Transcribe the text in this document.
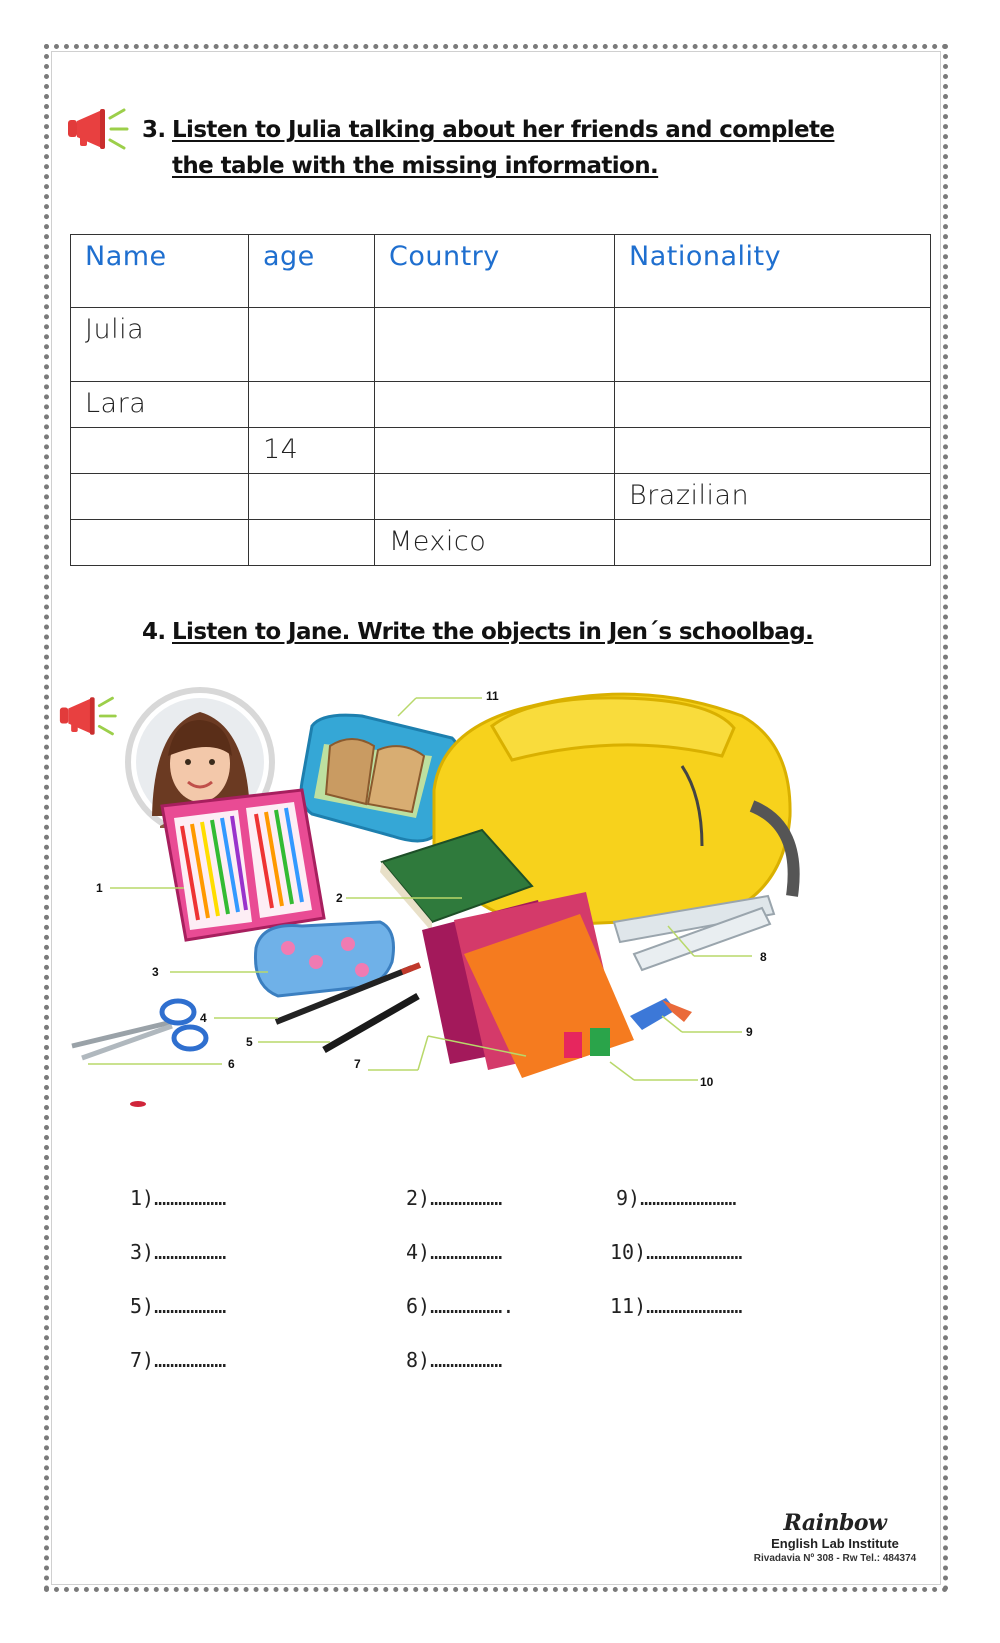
3. Listen to Julia talking about her friends and complete the table with the missing information.
Name	age	Country	Nationality
Julia			
Lara			
	14		
			Brazilian
		Mexico	
4. Listen to Jane. Write the objects in Jen´s schoolbag.
1
2
3
4
5
6	7
8
9
10
11
1)………………	2)………………	9)……………………
3)………………	4)………………	10)……………………
5)………………	6)……………….	11)……………………
7)………………	8)………………
Rainbow
English Lab Institute
Rivadavia Nº 308 - Rw Tel.: 484374
